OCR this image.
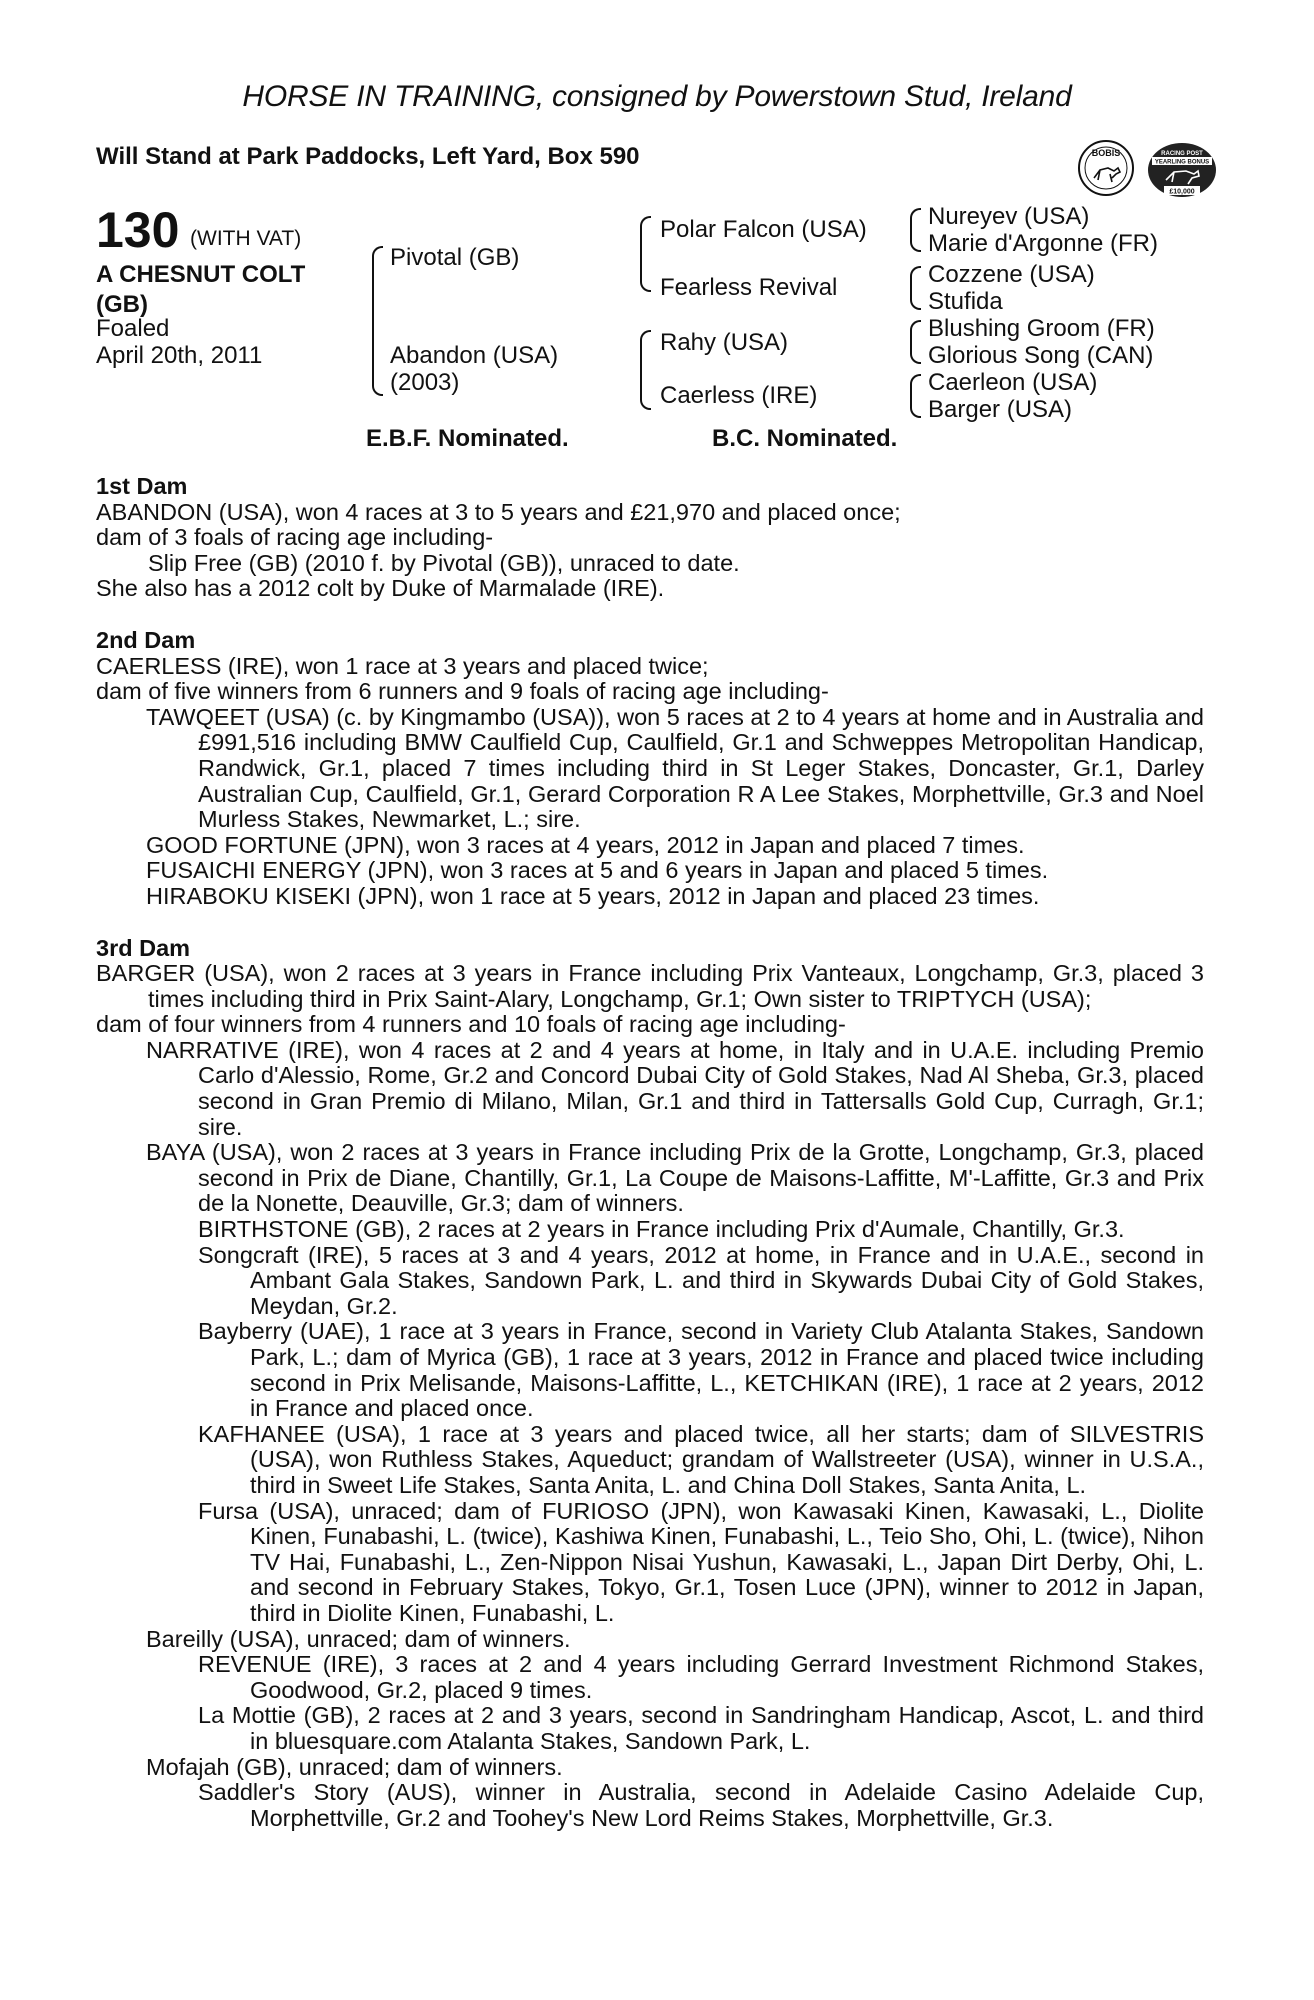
HORSE IN TRAINING, consigned by Powerstown Stud, Ireland
Will Stand at Park Paddocks, Left Yard, Box 590	BOBIS	RACING POST
YEARLING BONUS
£10,000
130 (WITH VAT)
A CHESNUT COLT
(GB)
Foaled
April 20th, 2011
Pivotal (GB)
Abandon (USA)
(2003)
Polar Falcon (USA)
Fearless Revival
Rahy (USA)
Caerless (IRE)
Nureyev (USA)
Marie d'Argonne (FR)
Cozzene (USA)
Stufida
Blushing Groom (FR)
Glorious Song (CAN)
Caerleon (USA)
Barger (USA)
E.B.F. Nominated.	B.C. Nominated.
1st Dam
ABANDON (USA), won 4 races at 3 to 5 years and £21,970 and placed once;
dam of 3 foals of racing age including-
Slip Free (GB) (2010 f. by Pivotal (GB)), unraced to date.
She also has a 2012 colt by Duke of Marmalade (IRE).
2nd Dam
CAERLESS (IRE), won 1 race at 3 years and placed twice;
dam of five winners from 6 runners and 9 foals of racing age including-
TAWQEET (USA) (c. by Kingmambo (USA)), won 5 races at 2 to 4 years at home and in Australia and £991,516 including BMW Caulfield Cup, Caulfield, Gr.1 and Schweppes Metropolitan Handicap, Randwick, Gr.1, placed 7 times including third in St Leger Stakes, Doncaster, Gr.1, Darley Australian Cup, Caulfield, Gr.1, Gerard Corporation R A Lee Stakes, Morphettville, Gr.3 and Noel Murless Stakes, Newmarket, L.; sire.
GOOD FORTUNE (JPN), won 3 races at 4 years, 2012 in Japan and placed 7 times.
FUSAICHI ENERGY (JPN), won 3 races at 5 and 6 years in Japan and placed 5 times.
HIRABOKU KISEKI (JPN), won 1 race at 5 years, 2012 in Japan and placed 23 times.
3rd Dam
BARGER (USA), won 2 races at 3 years in France including Prix Vanteaux, Longchamp, Gr.3, placed 3 times including third in Prix Saint-Alary, Longchamp, Gr.1; Own sister to TRIPTYCH (USA);
dam of four winners from 4 runners and 10 foals of racing age including-
NARRATIVE (IRE), won 4 races at 2 and 4 years at home, in Italy and in U.A.E. including Premio Carlo d'Alessio, Rome, Gr.2 and Concord Dubai City of Gold Stakes, Nad Al Sheba, Gr.3, placed second in Gran Premio di Milano, Milan, Gr.1 and third in Tattersalls Gold Cup, Curragh, Gr.1; sire.
BAYA (USA), won 2 races at 3 years in France including Prix de la Grotte, Longchamp, Gr.3, placed second in Prix de Diane, Chantilly, Gr.1, La Coupe de Maisons-Laffitte, M'-Laffitte, Gr.3 and Prix de la Nonette, Deauville, Gr.3; dam of winners.
BIRTHSTONE (GB), 2 races at 2 years in France including Prix d'Aumale, Chantilly, Gr.3.
Songcraft (IRE), 5 races at 3 and 4 years, 2012 at home, in France and in U.A.E., second in Ambant Gala Stakes, Sandown Park, L. and third in Skywards Dubai City of Gold Stakes, Meydan, Gr.2.
Bayberry (UAE), 1 race at 3 years in France, second in Variety Club Atalanta Stakes, Sandown Park, L.; dam of Myrica (GB), 1 race at 3 years, 2012 in France and placed twice including second in Prix Melisande, Maisons-Laffitte, L., KETCHIKAN (IRE), 1 race at 2 years, 2012 in France and placed once.
KAFHANEE (USA), 1 race at 3 years and placed twice, all her starts; dam of SILVESTRIS (USA), won Ruthless Stakes, Aqueduct; grandam of Wallstreeter (USA), winner in U.S.A., third in Sweet Life Stakes, Santa Anita, L. and China Doll Stakes, Santa Anita, L.
Fursa (USA), unraced; dam of FURIOSO (JPN), won Kawasaki Kinen, Kawasaki, L., Diolite Kinen, Funabashi, L. (twice), Kashiwa Kinen, Funabashi, L., Teio Sho, Ohi, L. (twice), Nihon TV Hai, Funabashi, L., Zen-Nippon Nisai Yushun, Kawasaki, L., Japan Dirt Derby, Ohi, L. and second in February Stakes, Tokyo, Gr.1, Tosen Luce (JPN), winner to 2012 in Japan, third in Diolite Kinen, Funabashi, L.
Bareilly (USA), unraced; dam of winners.
REVENUE (IRE), 3 races at 2 and 4 years including Gerrard Investment Richmond Stakes, Goodwood, Gr.2, placed 9 times.
La Mottie (GB), 2 races at 2 and 3 years, second in Sandringham Handicap, Ascot, L. and third in bluesquare.com Atalanta Stakes, Sandown Park, L.
Mofajah (GB), unraced; dam of winners.
Saddler's Story (AUS), winner in Australia, second in Adelaide Casino Adelaide Cup, Morphettville, Gr.2 and Toohey's New Lord Reims Stakes, Morphettville, Gr.3.
